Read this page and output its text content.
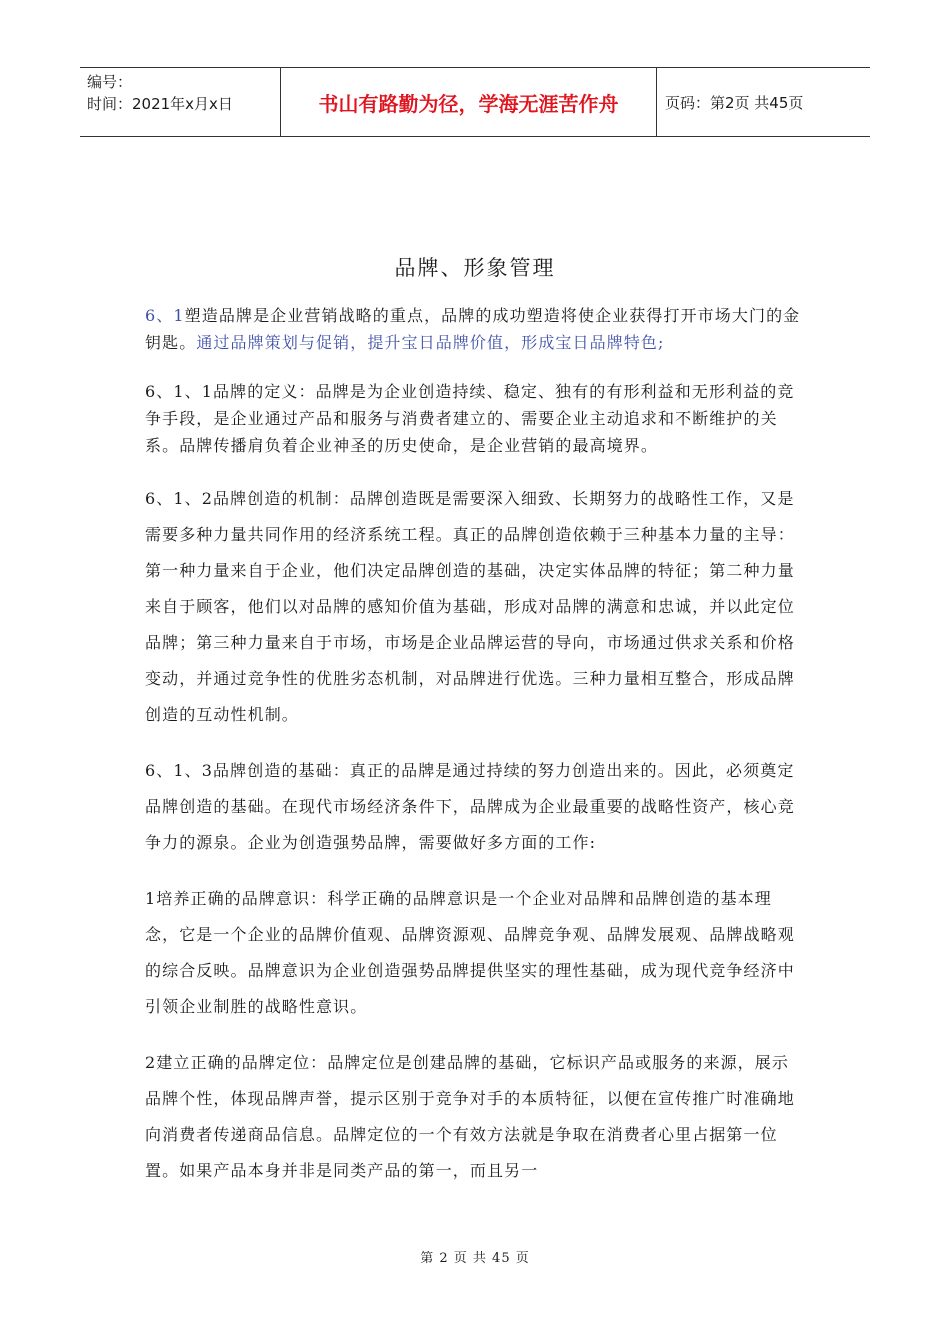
编号：
时间：2021年x月x日	书山有路勤为径，学海无涯苦作舟	页码：第2页 共45页
品牌、形象管理

6、1塑造品牌是企业营销战略的重点，品牌的成功塑造将使企业获得打开市场大门的金钥匙。通过品牌策划与促销，提升宝日品牌价值，形成宝日品牌特色;

6、1、1品牌的定义：品牌是为企业创造持续、稳定、独有的有形利益和无形利益的竞争手段，是企业通过产品和服务与消费者建立的、需要企业主动追求和不断维护的关系。品牌传播肩负着企业神圣的历史使命，是企业营销的最高境界。

6、1、2品牌创造的机制：品牌创造既是需要深入细致、长期努力的战略性工作，又是需要多种力量共同作用的经济系统工程。真正的品牌创造依赖于三种基本力量的主导：第一种力量来自于企业，他们决定品牌创造的基础，决定实体品牌的特征；第二种力量来自于顾客，他们以对品牌的感知价值为基础，形成对品牌的满意和忠诚，并以此定位品牌；第三种力量来自于市场，市场是企业品牌运营的导向，市场通过供求关系和价格变动，并通过竞争性的优胜劣态机制，对品牌进行优选。三种力量相互整合，形成品牌创造的互动性机制。

6、1、3品牌创造的基础：真正的品牌是通过持续的努力创造出来的。因此，必须奠定品牌创造的基础。在现代市场经济条件下，品牌成为企业最重要的战略性资产，核心竞争力的源泉。企业为创造强势品牌，需要做好多方面的工作:

1培养正确的品牌意识：科学正确的品牌意识是一个企业对品牌和品牌创造的基本理念，它是一个企业的品牌价值观、品牌资源观、品牌竞争观、品牌发展观、品牌战略观的综合反映。品牌意识为企业创造强势品牌提供坚实的理性基础，成为现代竞争经济中引领企业制胜的战略性意识。

2建立正确的品牌定位：品牌定位是创建品牌的基础，它标识产品或服务的来源，展示品牌个性，体现品牌声誉，提示区别于竞争对手的本质特征，以便在宣传推广时准确地向消费者传递商品信息。品牌定位的一个有效方法就是争取在消费者心里占据第一位置。如果产品本身并非是同类产品的第一，而且另一

第 2 页 共 45 页
